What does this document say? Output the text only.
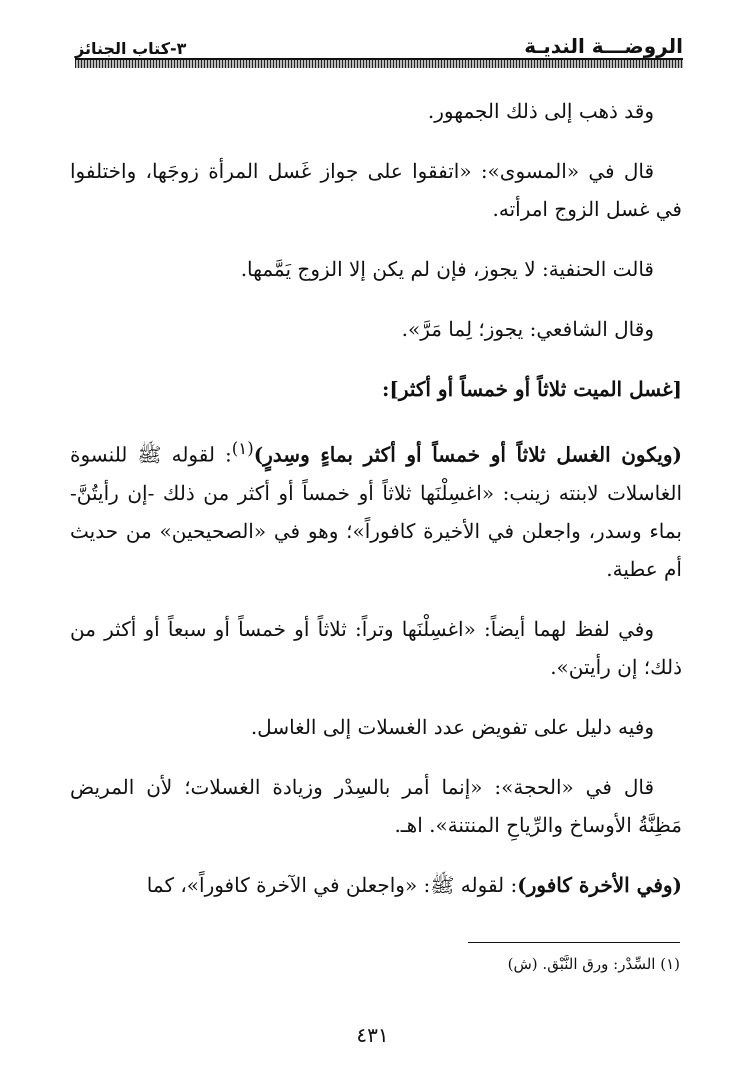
الروضـــة النديـة
٣-كتاب الجنائز

وقد ذهب إلى ذلك الجمهور.

قال في «المسوى»: «اتفقوا على جواز غَسل المرأة زوجَها، واختلفوا في غسل الزوج امرأته.

قالت الحنفية: لا يجوز، فإن لم يكن إلا الزوج يَمَّمها.

وقال الشافعي: يجوز؛ لِما مَرَّ».

[غسل الميت ثلاثاً أو خمساً أو أكثر]:

(ويكون الغسل ثلاثاً أو خمساً أو أكثر بماءٍ وسِدرٍ)$^{(١)}$: لقوله ﷺ للنسوة الغاسلات لابنته زينب: «اغسِلْنَها ثلاثاً أو خمساً أو أكثر من ذلك -إن رأيتُنَّ- بماء وسدر، واجعلن في الأخيرة كافوراً»؛ وهو في «الصحيحين» من حديث أم عطية.

وفي لفظ لهما أيضاً: «اغسِلْنَها وتراً: ثلاثاً أو خمساً أو سبعاً أو أكثر من ذلك؛ إن رأيتن».

وفيه دليل على تفويض عدد الغسلات إلى الغاسل.

قال في «الحجة»: «إنما أمر بالسِدْر وزيادة الغسلات؛ لأن المريض مَظِنَّةُ الأوساخ والرِّياحِ المنتنة». اهـ.

(وفي الأخرة كافور): لقوله ﷺ: «واجعلن في الآخرة كافوراً»، كما

(١) السِّدْر: ورق النَّبْق. (ش)
٤٣١
